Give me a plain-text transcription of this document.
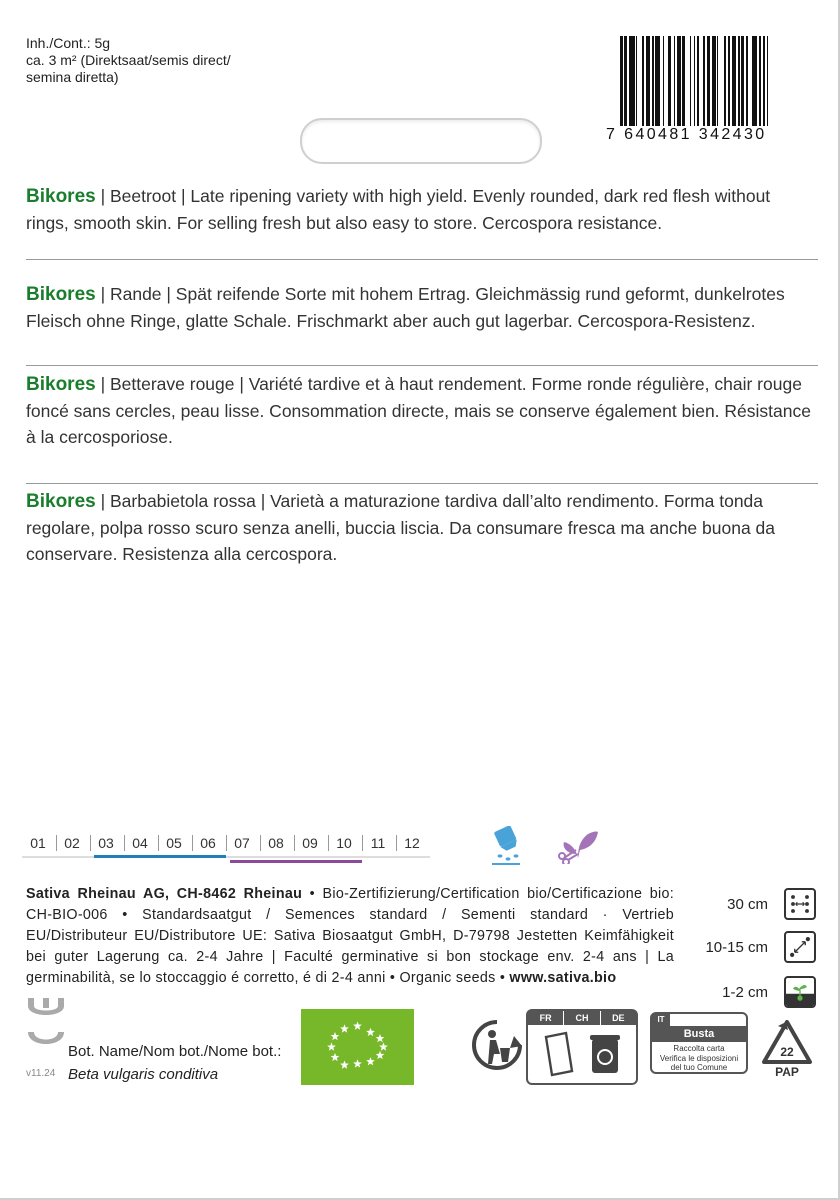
Inh./Cont.: 5g
ca. 3 m² (Direktsaat/semis direct/
semina diretta)
7 640481 342430
Bikores | Beetroot | Late ripening variety with high yield. Evenly rounded, dark red flesh without rings, smooth skin. For selling fresh but also easy to store. Cercospora resistance.
Bikores | Rande | Spät reifende Sorte mit hohem Ertrag. Gleichmässig rund geformt, dunkelrotes Fleisch ohne Ringe, glatte Schale. Frischmarkt aber auch gut lagerbar. Cercospora-Resistenz.
Bikores | Betterave rouge | Variété tardive et à haut rendement. Forme ronde régulière, chair rouge foncé sans cercles, peau lisse. Consommation directe, mais se conserve également bien. Résistance à la cercosporiose.
Bikores | Barbabietola rossa | Varietà a maturazione tardiva dall’alto rendimento. Forma tonda regolare, polpa rosso scuro senza anelli, buccia liscia. Da consumare fresca ma anche buona da conservare. Resistenza alla cercospora.
01	02	03	04	05	06	07	08	09	10	11	12
Sativa Rheinau AG, CH-8462 Rheinau • Bio-Zertifizierung/Certification bio/Certificazione bio: CH-BIO-006 • Standardsaatgut / Semences standard / Sementi standard · Vertrieb EU/Distributeur EU/Distributore UE: Sativa Biosaatgut GmbH, D-79798 Jestetten Keimfähigkeit bei guter Lagerung ca. 2-4 Jahre | Faculté germinative si bon stockage env. 2-4 ans | La germinabilità, se lo stoccaggio é corretto, é di 2-4 anni • Organic seeds • www.sativa.bio
30 cm
10-15 cm
1-2 cm
Bot. Name/Nom bot./Nome bot.:
Beta vulgaris conditiva
v11.24
FR	CH	DE	IT
Busta
Raccolta carta
Verifica le disposizioni
del tuo Comune
22
PAP
